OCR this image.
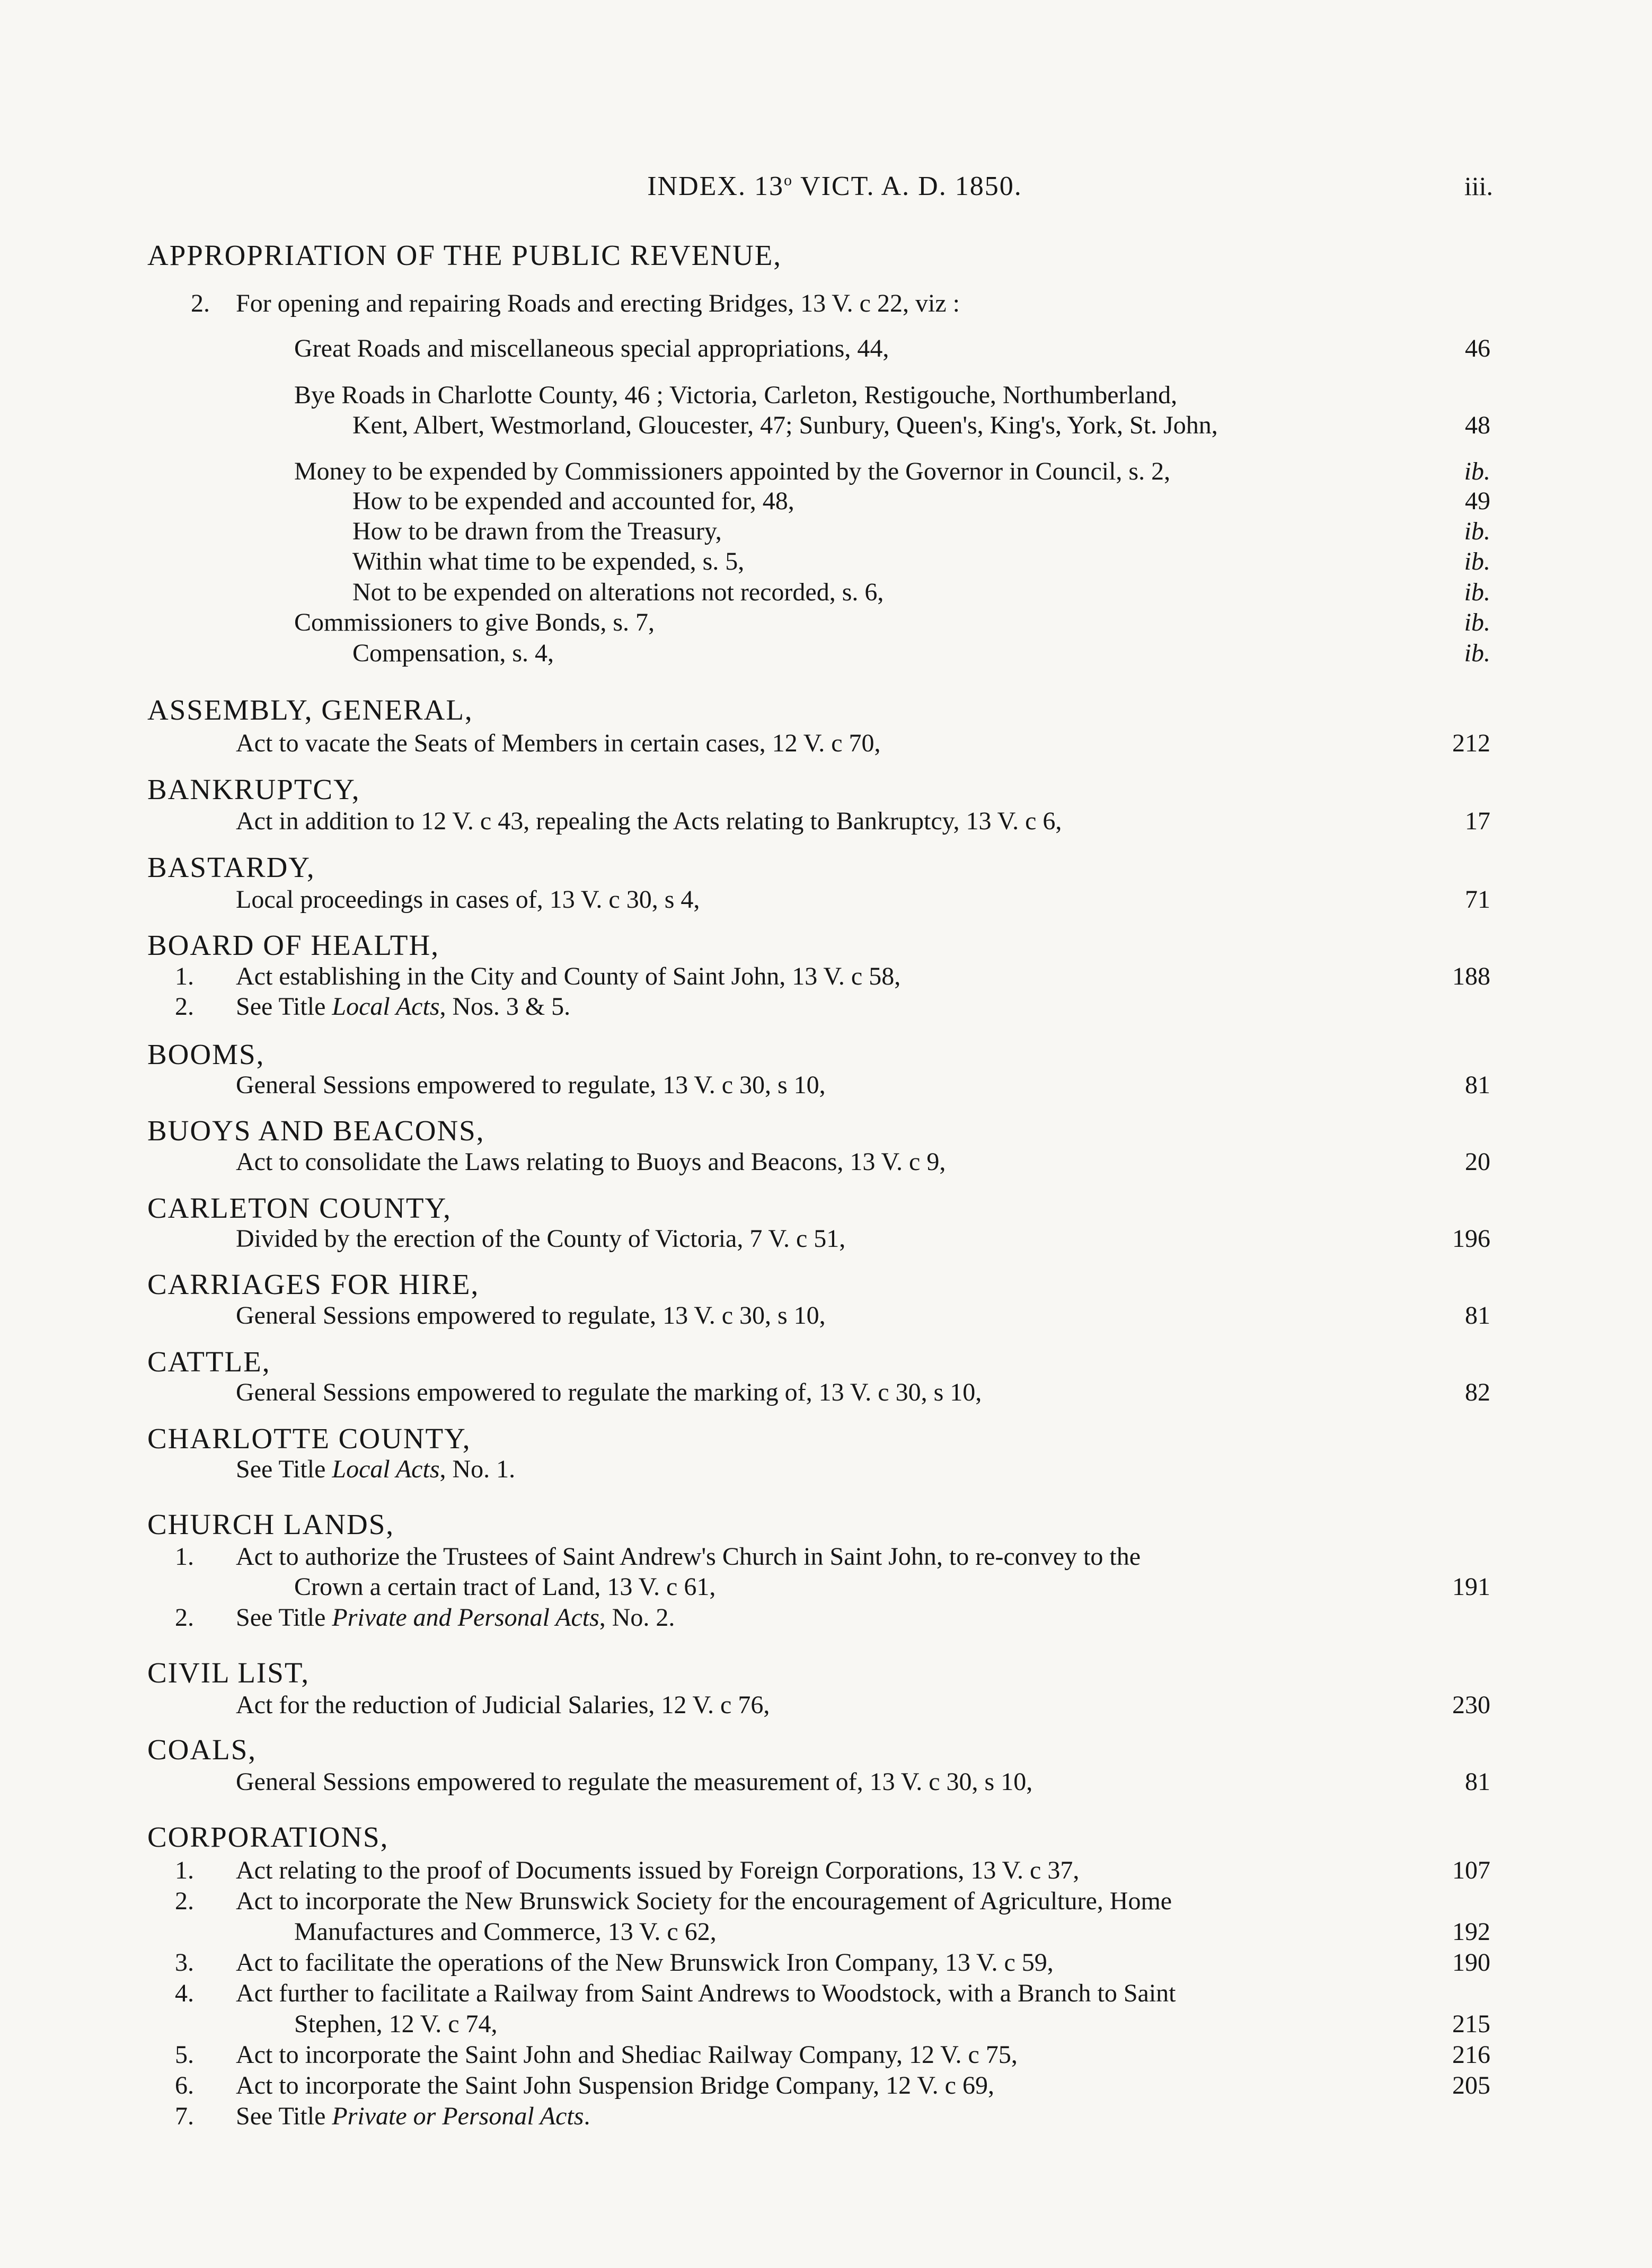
INDEX. 13$^o$ VICT. A. D. 1850.	iii.
APPROPRIATION OF THE PUBLIC REVENUE,
2. For opening and repairing Roads and erecting Bridges, 13 V. c 22, viz :
Great Roads and miscellaneous special appropriations, 44,	46
Bye Roads in Charlotte County, 46 ; Victoria, Carleton, Restigouche, Northumberland,
Kent, Albert, Westmorland, Gloucester, 47; Sunbury, Queen's, King's, York, St. John,	48
Money to be expended by Commissioners appointed by the Governor in Council, s. 2,	ib.
How to be expended and accounted for, 48,	49
How to be drawn from the Treasury,	ib.
Within what time to be expended, s. 5,	ib.
Not to be expended on alterations not recorded, s. 6,	ib.
Commissioners to give Bonds, s. 7,	ib.
Compensation, s. 4,	ib.
ASSEMBLY, GENERAL,
Act to vacate the Seats of Members in certain cases, 12 V. c 70,	212
BANKRUPTCY,
Act in addition to 12 V. c 43, repealing the Acts relating to Bankruptcy, 13 V. c 6,	17
BASTARDY,
Local proceedings in cases of, 13 V. c 30, s 4,	71
BOARD OF HEALTH,
1. Act establishing in the City and County of Saint John, 13 V. c 58,	188
2. See Title Local Acts, Nos. 3 & 5.
BOOMS,
General Sessions empowered to regulate, 13 V. c 30, s 10,	81
BUOYS AND BEACONS,
Act to consolidate the Laws relating to Buoys and Beacons, 13 V. c 9,	20
CARLETON COUNTY,
Divided by the erection of the County of Victoria, 7 V. c 51,	196
CARRIAGES FOR HIRE,
General Sessions empowered to regulate, 13 V. c 30, s 10,	81
CATTLE,
General Sessions empowered to regulate the marking of, 13 V. c 30, s 10,	82
CHARLOTTE COUNTY,
See Title Local Acts, No. 1.
CHURCH LANDS,
1. Act to authorize the Trustees of Saint Andrew's Church in Saint John, to re-convey to the
Crown a certain tract of Land, 13 V. c 61,	191
2. See Title Private and Personal Acts, No. 2.
CIVIL LIST,
Act for the reduction of Judicial Salaries, 12 V. c 76,	230
COALS,
General Sessions empowered to regulate the measurement of, 13 V. c 30, s 10,	81
CORPORATIONS,
1. Act relating to the proof of Documents issued by Foreign Corporations, 13 V. c 37,	107
2. Act to incorporate the New Brunswick Society for the encouragement of Agriculture, Home
Manufactures and Commerce, 13 V. c 62,	192
3. Act to facilitate the operations of the New Brunswick Iron Company, 13 V. c 59,	190
4. Act further to facilitate a Railway from Saint Andrews to Woodstock, with a Branch to Saint
Stephen, 12 V. c 74,	215
5. Act to incorporate the Saint John and Shediac Railway Company, 12 V. c 75,	216
6. Act to incorporate the Saint John Suspension Bridge Company, 12 V. c 69,	205
7. See Title Private or Personal Acts.
